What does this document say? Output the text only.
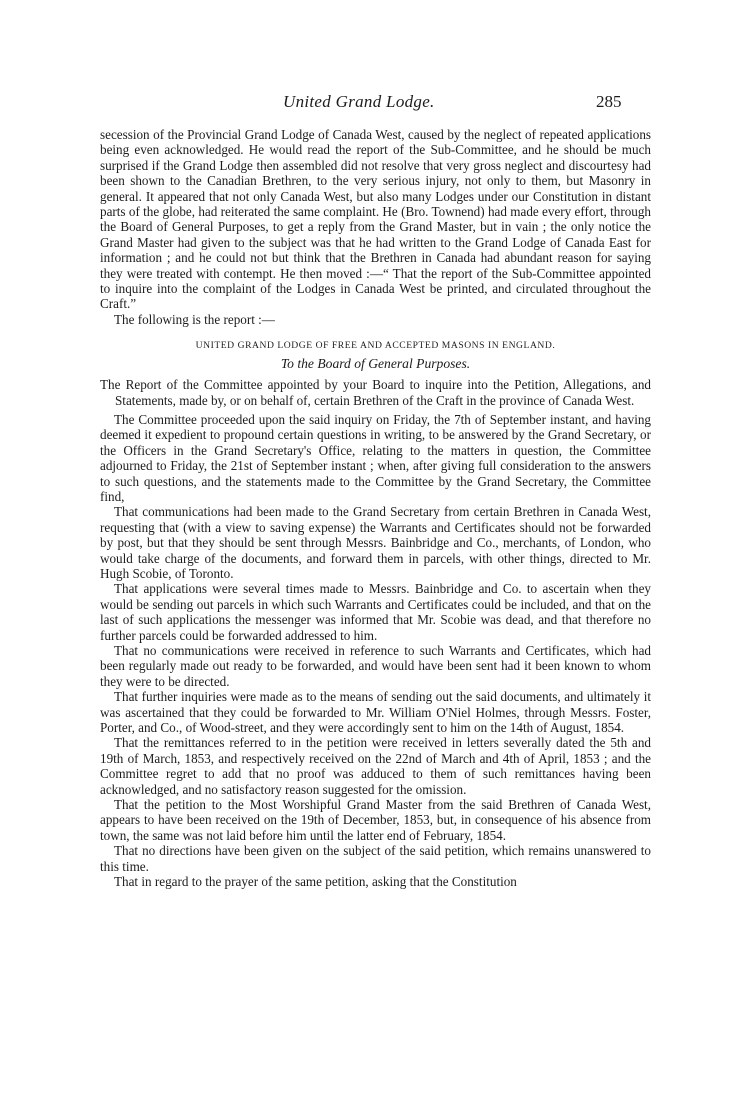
United Grand Lodge.	285

secession of the Provincial Grand Lodge of Canada West, caused by the neglect of repeated applications being even acknowledged. He would read the report of the Sub-Committee, and he should be much surprised if the Grand Lodge then assembled did not resolve that very gross neglect and discourtesy had been shown to the Canadian Brethren, to the very serious injury, not only to them, but Masonry in general. It appeared that not only Canada West, but also many Lodges under our Constitution in distant parts of the globe, had reiterated the same complaint. He (Bro. Townend) had made every effort, through the Board of General Purposes, to get a reply from the Grand Master, but in vain ; the only notice the Grand Master had given to the subject was that he had written to the Grand Lodge of Canada East for information ; and he could not but think that the Brethren in Canada had abundant reason for saying they were treated with contempt. He then moved :—“ That the report of the Sub-Committee appointed to inquire into the complaint of the Lodges in Canada West be printed, and circulated throughout the Craft.”

The following is the report :—

UNITED GRAND LODGE OF FREE AND ACCEPTED MASONS IN ENGLAND.
To the Board of General Purposes.

The Report of the Committee appointed by your Board to inquire into the Petition, Allegations, and Statements, made by, or on behalf of, certain Brethren of the Craft in the province of Canada West.

The Committee proceeded upon the said inquiry on Friday, the 7th of September instant, and having deemed it expedient to propound certain questions in writing, to be answered by the Grand Secretary, or the Officers in the Grand Secretary's Office, relating to the matters in question, the Committee adjourned to Friday, the 21st of September instant ; when, after giving full consideration to the answers to such questions, and the statements made to the Committee by the Grand Secretary, the Committee find,

That communications had been made to the Grand Secretary from certain Brethren in Canada West, requesting that (with a view to saving expense) the Warrants and Certificates should not be forwarded by post, but that they should be sent through Messrs. Bainbridge and Co., merchants, of London, who would take charge of the documents, and forward them in parcels, with other things, directed to Mr. Hugh Scobie, of Toronto.

That applications were several times made to Messrs. Bainbridge and Co. to ascertain when they would be sending out parcels in which such Warrants and Certificates could be included, and that on the last of such applications the messenger was informed that Mr. Scobie was dead, and that therefore no further parcels could be forwarded addressed to him.

That no communications were received in reference to such Warrants and Certificates, which had been regularly made out ready to be forwarded, and would have been sent had it been known to whom they were to be directed.

That further inquiries were made as to the means of sending out the said documents, and ultimately it was ascertained that they could be forwarded to Mr. William O'Niel Holmes, through Messrs. Foster, Porter, and Co., of Wood-street, and they were accordingly sent to him on the 14th of August, 1854.

That the remittances referred to in the petition were received in letters severally dated the 5th and 19th of March, 1853, and respectively received on the 22nd of March and 4th of April, 1853 ; and the Committee regret to add that no proof was adduced to them of such remittances having been acknowledged, and no satisfactory reason suggested for the omission.

That the petition to the Most Worshipful Grand Master from the said Brethren of Canada West, appears to have been received on the 19th of December, 1853, but, in consequence of his absence from town, the same was not laid before him until the latter end of February, 1854.

That no directions have been given on the subject of the said petition, which remains unanswered to this time.

That in regard to the prayer of the same petition, asking that the Constitution
